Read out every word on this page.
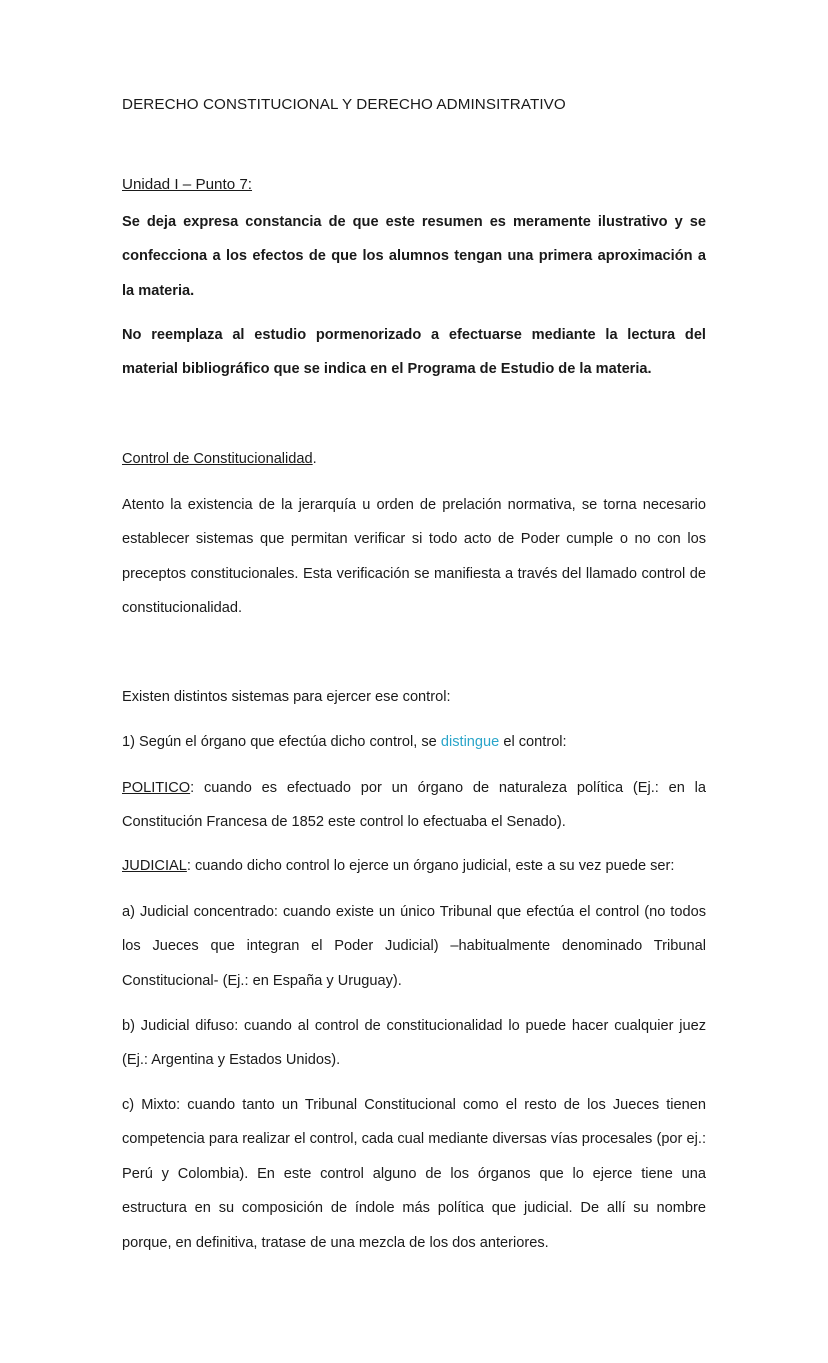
DERECHO CONSTITUCIONAL Y DERECHO ADMINSITRATIVO

Unidad I – Punto 7:

Se deja expresa constancia de que este resumen es meramente ilustrativo y se confecciona a los efectos de que los alumnos tengan una primera aproximación a la materia.

No reemplaza al estudio pormenorizado a efectuarse mediante la lectura del material bibliográfico que se indica en el Programa de Estudio de la materia.

Control de Constitucionalidad.

Atento la existencia de la jerarquía u orden de prelación normativa, se torna necesario establecer sistemas que permitan verificar si todo acto de Poder cumple o no con los preceptos constitucionales. Esta verificación se manifiesta a través del llamado control de constitucionalidad.

Existen distintos sistemas para ejercer ese control:

1) Según el órgano que efectúa dicho control, se distingue el control:

POLITICO: cuando es efectuado por un órgano de naturaleza política (Ej.: en la Constitución Francesa de 1852 este control lo efectuaba el Senado).

JUDICIAL: cuando dicho control lo ejerce un órgano judicial, este a su vez puede ser:

a) Judicial concentrado: cuando existe un único Tribunal que efectúa el control (no todos los Jueces que integran el Poder Judicial) –habitualmente denominado Tribunal Constitucional- (Ej.: en España y Uruguay).

b) Judicial difuso: cuando al control de constitucionalidad lo puede hacer cualquier juez (Ej.: Argentina y Estados Unidos).

c) Mixto: cuando tanto un Tribunal Constitucional como el resto de los Jueces tienen competencia para realizar el control, cada cual mediante diversas vías procesales (por ej.: Perú y Colombia). En este control alguno de los órganos que lo ejerce tiene una estructura en su composición de índole más política que judicial. De allí su nombre porque, en definitiva, tratase de una mezcla de los dos anteriores.
